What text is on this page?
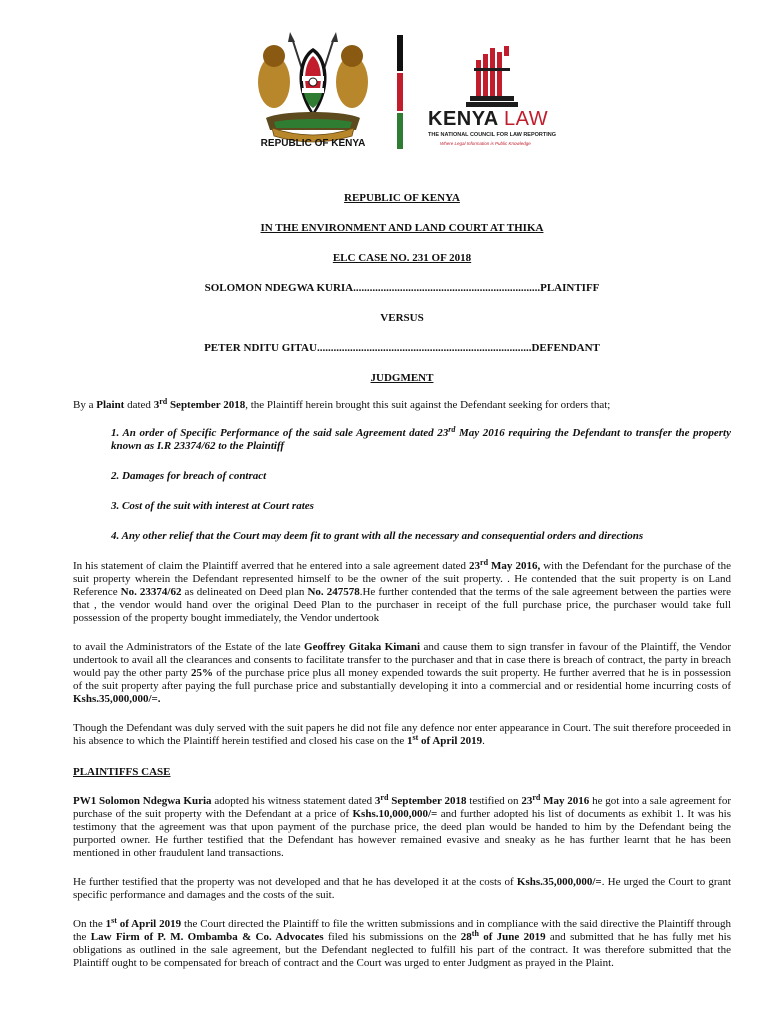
REPUBLIC OF KENYA
KENYA LAW
THE NATIONAL COUNCIL FOR LAW REPORTING
Where Legal Information is Public Knowledge

REPUBLIC OF KENYA

IN THE ENVIRONMENT AND LAND COURT AT THIKA

ELC CASE NO. 231 OF 2018

SOLOMON NDEGWA KURIA....................................................................PLAINTIFF
VERSUS
PETER NDITU GITAU..............................................................................DEFENDANT

JUDGMENT

By a Plaint dated 3rd September 2018, the Plaintiff herein brought this suit against the Defendant seeking for orders that;

1. An order of Specific Performance of the said sale Agreement dated 23rd May 2016 requiring the Defendant to transfer the property known as I.R 23374/62 to the Plaintiff
2. Damages for breach of contract
3. Cost of the suit with interest at Court rates
4. Any other relief that the Court may deem fit to grant with all the necessary and consequential orders and directions

In his statement of claim the Plaintiff averred that he entered into a sale agreement dated 23rd May 2016, with the Defendant for the purchase of the suit property wherein the Defendant represented himself to be the owner of the suit property. . He contended that the suit property is on Land Reference No. 23374/62 as delineated on Deed plan No. 247578.He further contended that the terms of the sale agreement between the parties were that , the vendor would hand over the original Deed Plan to the purchaser in receipt of the full purchase price, the purchaser would take full possession of the property bought immediately, the Vendor undertook

to avail the Administrators of the Estate of the late Geoffrey Gitaka Kimani and cause them to sign transfer in favour of the Plaintiff, the Vendor undertook to avail all the clearances and consents to facilitate transfer to the purchaser and that in case there is breach of contract, the party in breach would pay the other party 25% of the purchase price plus all money expended towards the suit property. He further averred that he is in possession of the suit property after paying the full purchase price and substantially developing it into a commercial and or residential home incurring costs of Kshs.35,000,000/=.

Though the Defendant was duly served with the suit papers he did not file any defence nor enter appearance in Court. The suit therefore proceeded in his absence to which the Plaintiff herein testified and closed his case on the 1st of April 2019.

PLAINTIFFS CASE

PW1 Solomon Ndegwa Kuria adopted his witness statement dated 3rd September 2018 testified on 23rd May 2016 he got into a sale agreement for purchase of the suit property with the Defendant at a price of Kshs.10,000,000/= and further adopted his list of documents as exhibit 1. It was his testimony that the agreement was that upon payment of the purchase price, the deed plan would be handed to him by the Defendant being the purported owner. He further testified that the Defendant has however remained evasive and sneaky as he has further learnt that he has been mentioned in other fraudulent land transactions.

He further testified that the property was not developed and that he has developed it at the costs of Kshs.35,000,000/=. He urged the Court to grant specific performance and damages and the costs of the suit.

On the 1st of April 2019 the Court directed the Plaintiff to file the written submissions and in compliance with the said directive the Plaintiff through the Law Firm of P. M. Ombamba & Co. Advocates filed his submissions on the 28th of June 2019 and submitted that he has fully met his obligations as outlined in the sale agreement, but the Defendant neglected to fulfill his part of the contract. It was therefore submitted that the Plaintiff ought to be compensated for breach of contract and the Court was urged to enter Judgment as prayed in the Plaint.
